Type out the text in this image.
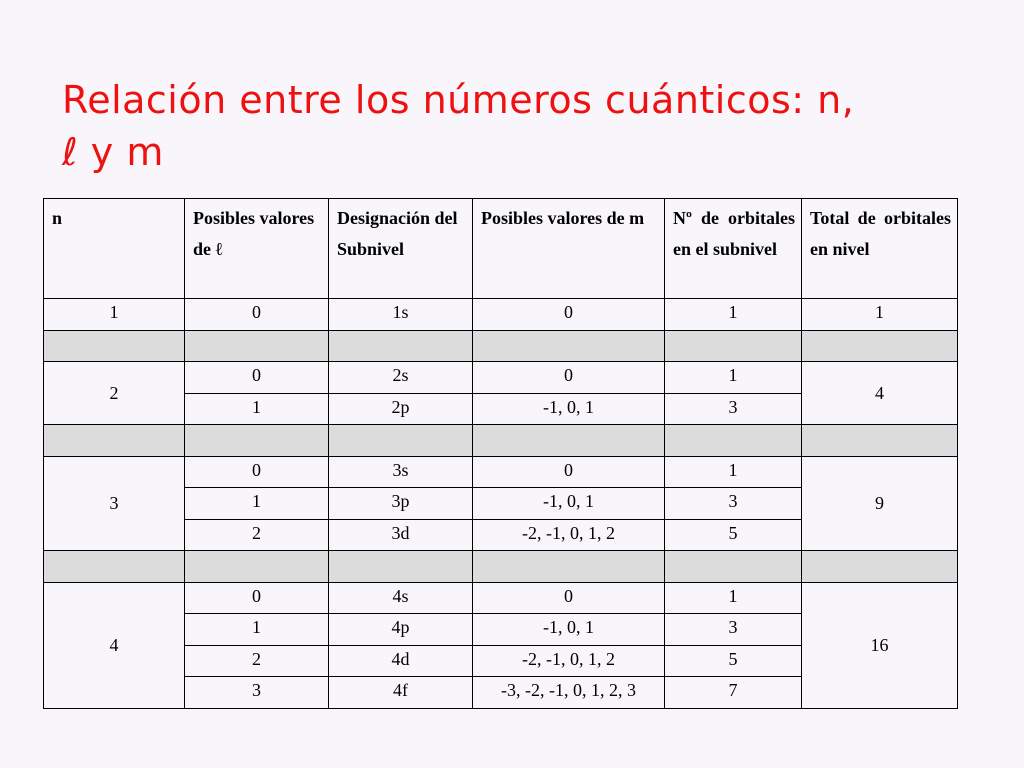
Relación entre los números cuánticos: n,
ℓ y m
n	Posibles valores de ℓ	Designación del Subnivel	Posibles valores de m	Nº de orbitales en el subnivel	Total de orbitales en nivel
1	0	1s	0	1	1

2	0	2s	0	1	4
	1	2p	-1, 0, 1	3	

3	0	3s	0	1	9
	1	3p	-1, 0, 1	3	
	2	3d	-2, -1, 0, 1, 2	5	

4	0	4s	0	1	16
	1	4p	-1, 0, 1	3	
	2	4d	-2, -1, 0, 1, 2	5	
	3	4f	-3, -2, -1, 0, 1, 2, 3	7	
